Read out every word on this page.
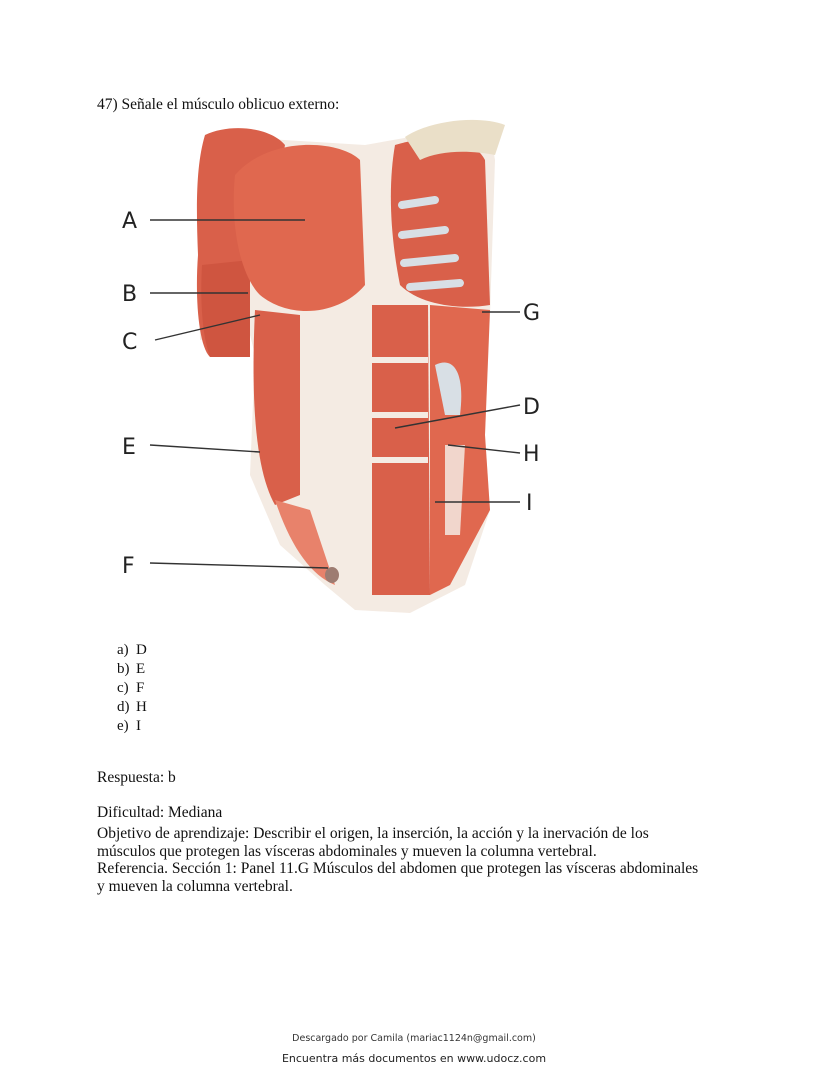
47) Señale el músculo oblicuo externo:
A
B
C
E
F
G
D
H
I
a) D
b) E
c) F
d) H
e) I
Respuesta: b
Dificultad: Mediana
Objetivo de aprendizaje: Describir el origen, la inserción, la acción y la inervación de los
músculos que protegen las vísceras abdominales y mueven la columna vertebral.
Referencia. Sección 1: Panel 11.G Músculos del abdomen que protegen las vísceras abdominales
y mueven la columna vertebral.
Descargado por Camila (mariac1124n@gmail.com)
Encuentra más documentos en www.udocz.com
